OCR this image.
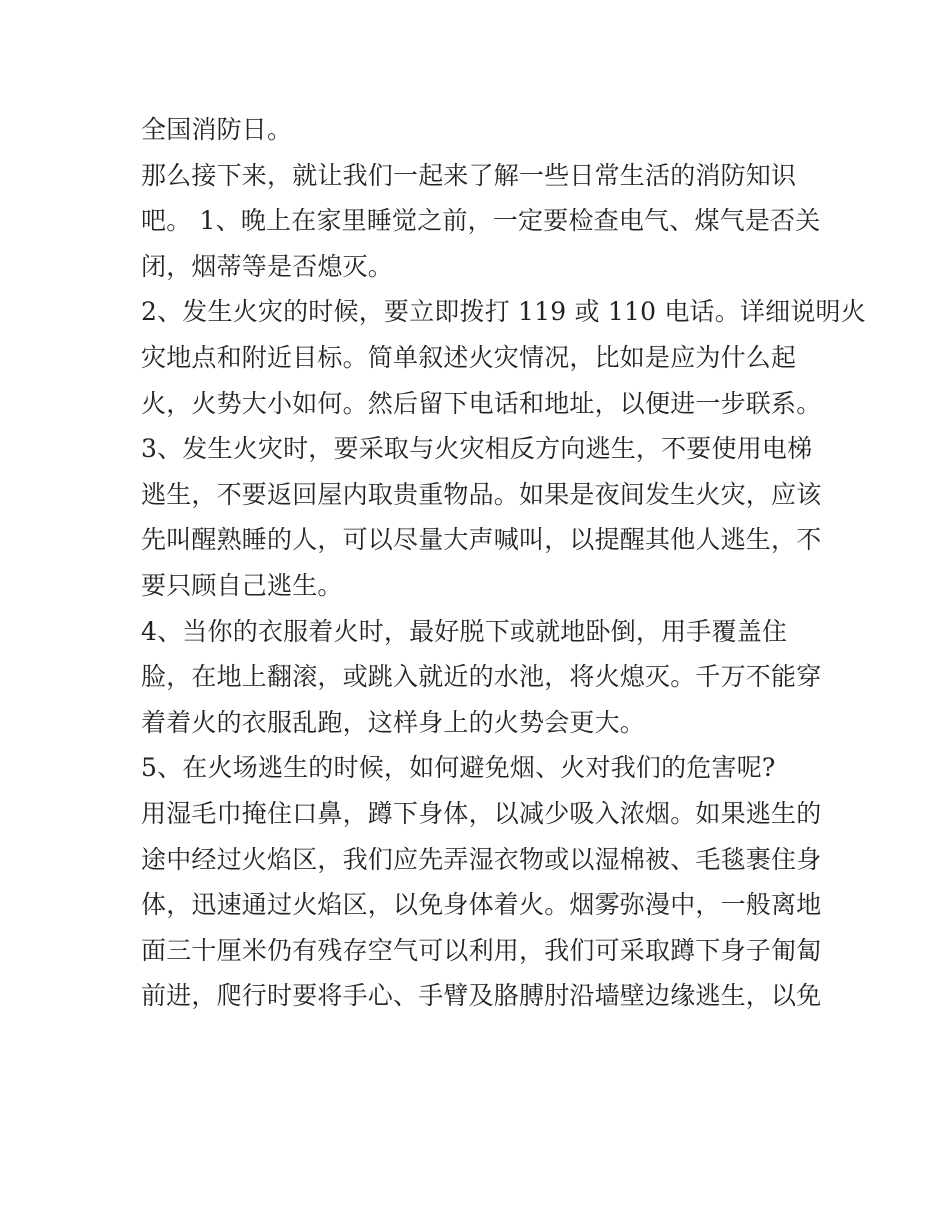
全国消防日。
那么接下来，就让我们一起来了解一些日常生活的消防知识
吧。 1、晚上在家里睡觉之前，一定要检查电气、煤气是否关
闭，烟蒂等是否熄灭。
2、发生火灾的时候，要立即拨打 119 或 110 电话。详细说明火
灾地点和附近目标。简单叙述火灾情况，比如是应为什么起
火，火势大小如何。然后留下电话和地址，以便进一步联系。
3、发生火灾时，要采取与火灾相反方向逃生，不要使用电梯
逃生，不要返回屋内取贵重物品。如果是夜间发生火灾，应该
先叫醒熟睡的人，可以尽量大声喊叫，以提醒其他人逃生，不
要只顾自己逃生。
4、当你的衣服着火时，最好脱下或就地卧倒，用手覆盖住
脸，在地上翻滚，或跳入就近的水池，将火熄灭。千万不能穿
着着火的衣服乱跑，这样身上的火势会更大。
5、在火场逃生的时候，如何避免烟、火对我们的危害呢?
用湿毛巾掩住口鼻，蹲下身体，以减少吸入浓烟。如果逃生的
途中经过火焰区，我们应先弄湿衣物或以湿棉被、毛毯裹住身
体，迅速通过火焰区，以免身体着火。烟雾弥漫中，一般离地
面三十厘米仍有残存空气可以利用，我们可采取蹲下身子匍匐
前进，爬行时要将手心、手臂及胳膊肘沿墙壁边缘逃生，以免
